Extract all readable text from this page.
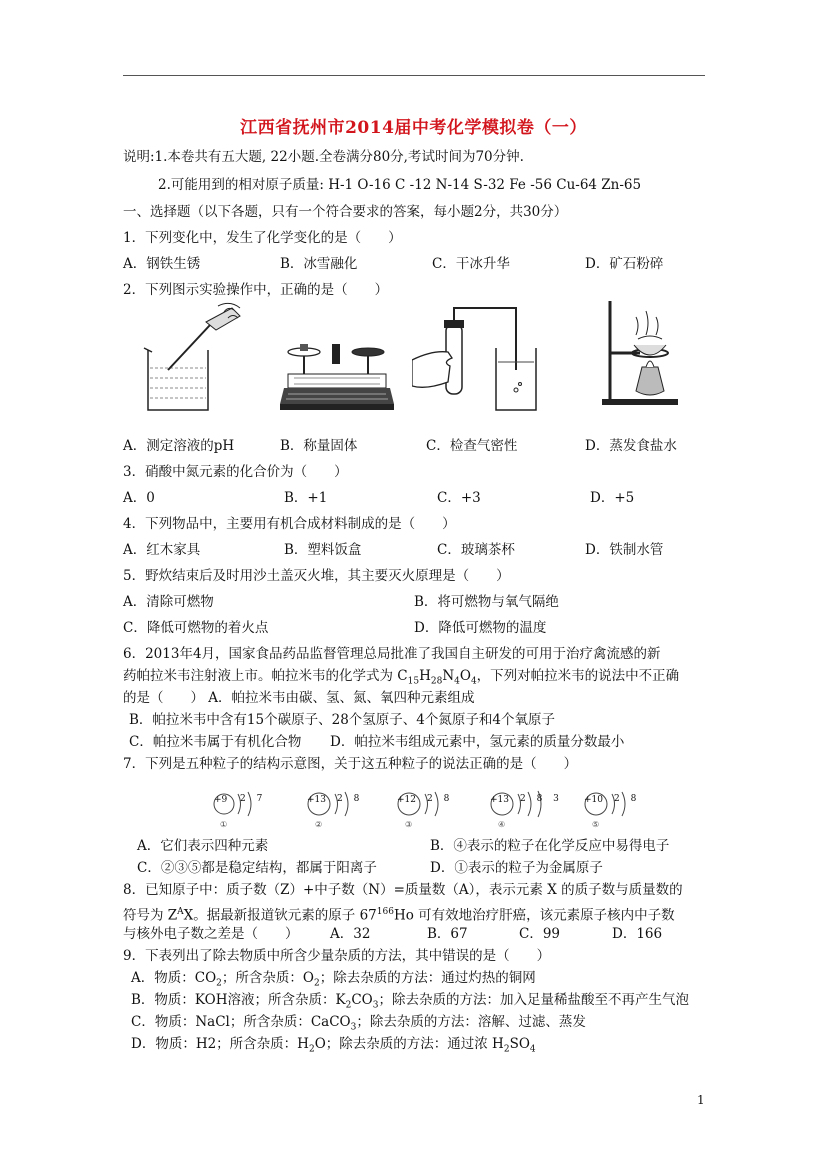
江西省抚州市2014届中考化学模拟卷（一）
说明:1.本卷共有五大题, 22小题.全卷满分80分,考试时间为70分钟.
2.可能用到的相对原子质量: H-1 O-16 C -12 N-14 S-32 Fe -56 Cu-64 Zn-65
一、选择题（以下各题，只有一个符合要求的答案，每小题2分，共30分）
1．下列变化中，发生了化学变化的是（　　）
A．钢铁生锈	B．冰雪融化	C．干冰升华	D．矿石粉碎
2．下列图示实验操作中，正确的是（　　）
A．测定溶液的pH	B．称量固体	C．检查气密性	D．蒸发食盐水
3．硝酸中氮元素的化合价为（　　）
A．0	B．+1	C．+3	D．+5
4．下列物品中，主要用有机合成材料制成的是（　　）
A．红木家具	B．塑料饭盒	C．玻璃茶杯	D．铁制水管
5．野炊结束后及时用沙土盖灭火堆，其主要灭火原理是（　　）
A．清除可燃物	B．将可燃物与氧气隔绝
C．降低可燃物的着火点	D．降低可燃物的温度
6．2013年4月，国家食品药品监督管理总局批准了我国自主研发的可用于治疗禽流感的新
药帕拉米韦注射液上市。帕拉米韦的化学式为 $C_{15}H_{28}N_4O_4$，下列对帕拉米韦的说法中不正确
的是（　　） A．帕拉米韦由碳、氢、氮、氧四种元素组成
B．帕拉米韦中含有15个碳原子、28个氢原子、4个氮原子和4个氧原子
C．帕拉米韦属于有机化合物 D．帕拉米韦组成元素中，氢元素的质量分数最小
7．下列是五种粒子的结构示意图，关于这五种粒子的说法正确的是（　　）
+9 2 7
①
+13 2 8
②
+12 2 8
③
+13 2 8 3
④
+10 2 8
⑤
A．它们表示四种元素	B．④表示的粒子在化学反应中易得电子
C．②③⑤都是稳定结构，都属于阳离子	D．①表示的粒子为金属原子
8．已知原子中：质子数（Z）+中子数（N）=质量数（A），表示元素 X 的质子数与质量数的
符号为 $Z^AX$。据最新报道钬元素的原子 $67^{166}Ho$ 可有效地治疗肝癌，该元素原子核内中子数
与核外电子数之差是（　　） A．32	B．67	C．99	D．166
9．下表列出了除去物质中所含少量杂质的方法，其中错误的是（　　）
A．物质：$CO_2$；所含杂质：$O_2$；除去杂质的方法：通过灼热的铜网
B．物质：KOH溶液；所含杂质：$K_2CO_3$；除去杂质的方法：加入足量稀盐酸至不再产生气泡
C．物质：NaCl；所含杂质：CaCO$_3$；除去杂质的方法：溶解、过滤、蒸发
D．物质：H2；所含杂质：$H_2O$；除去杂质的方法：通过浓 $H_2SO_4$
1
